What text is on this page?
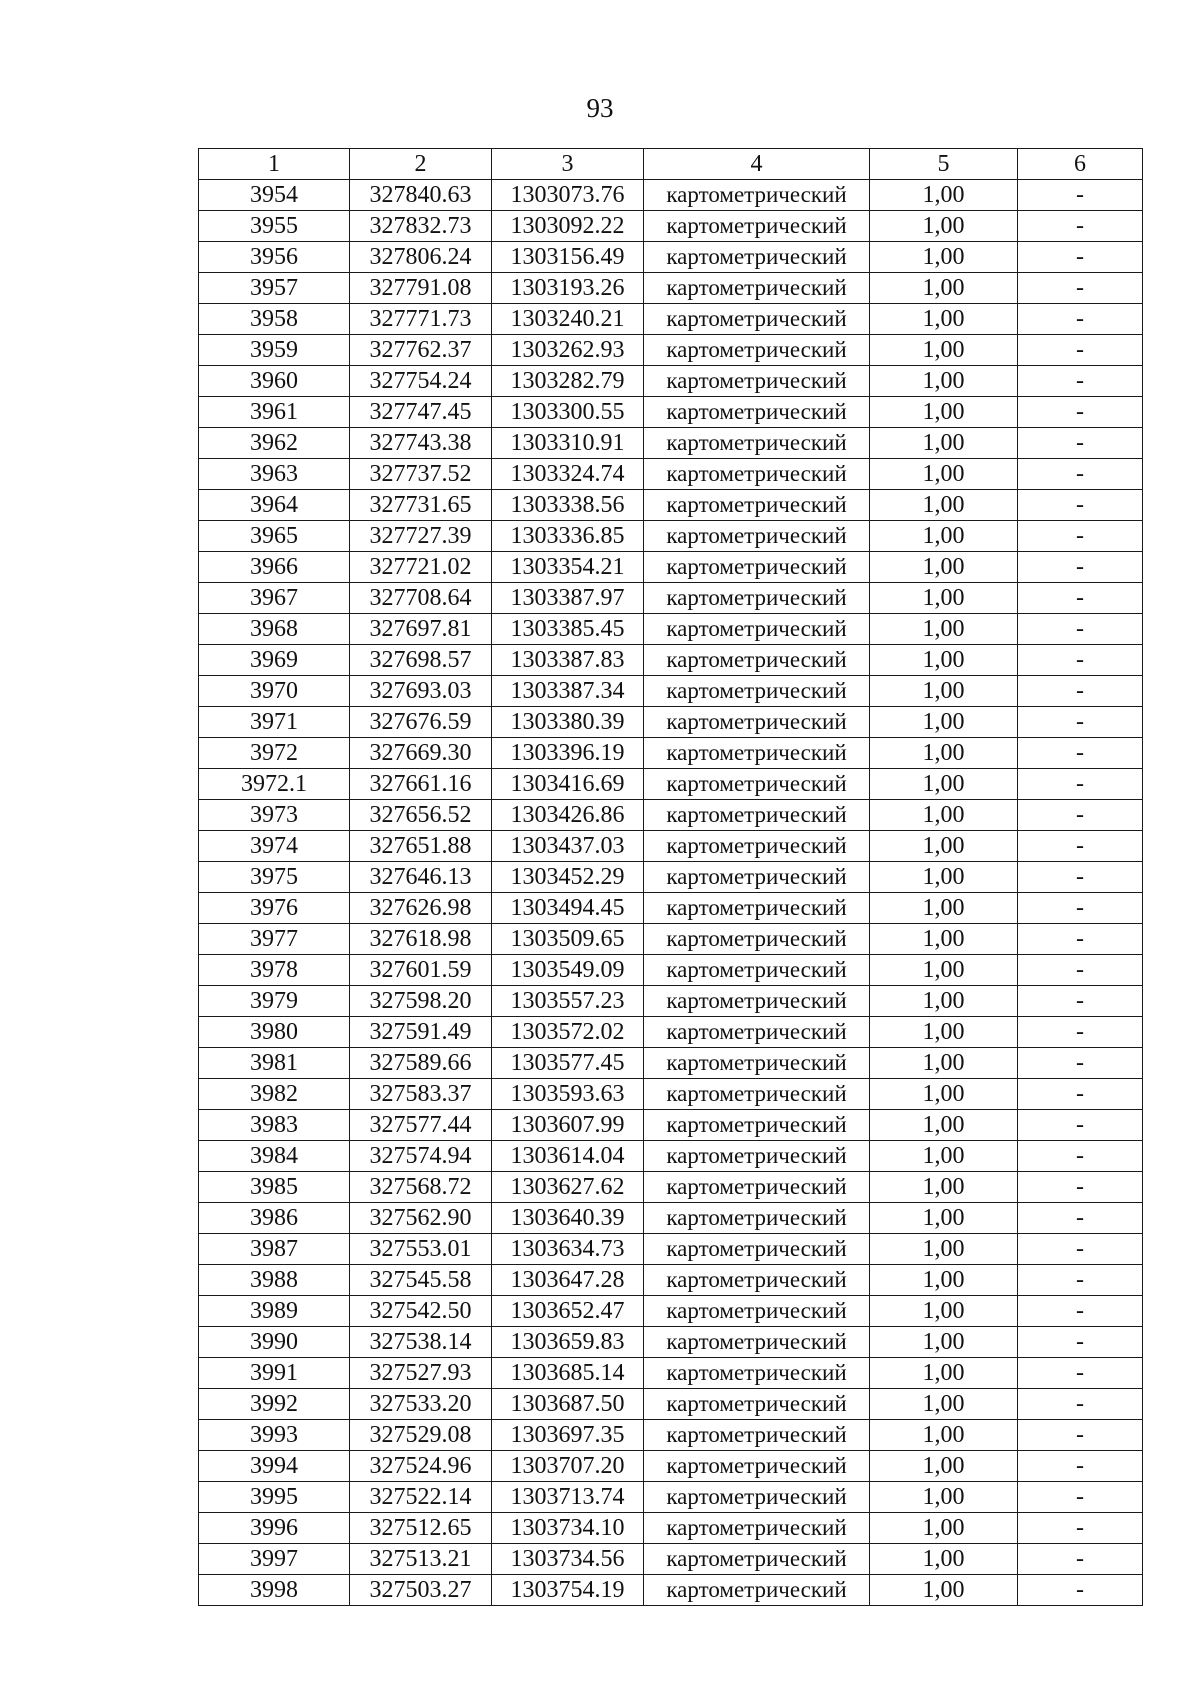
93
1	2	3	4	5	6
3954	327840.63	1303073.76	картометрический	1,00	-
3955	327832.73	1303092.22	картометрический	1,00	-
3956	327806.24	1303156.49	картометрический	1,00	-
3957	327791.08	1303193.26	картометрический	1,00	-
3958	327771.73	1303240.21	картометрический	1,00	-
3959	327762.37	1303262.93	картометрический	1,00	-
3960	327754.24	1303282.79	картометрический	1,00	-
3961	327747.45	1303300.55	картометрический	1,00	-
3962	327743.38	1303310.91	картометрический	1,00	-
3963	327737.52	1303324.74	картометрический	1,00	-
3964	327731.65	1303338.56	картометрический	1,00	-
3965	327727.39	1303336.85	картометрический	1,00	-
3966	327721.02	1303354.21	картометрический	1,00	-
3967	327708.64	1303387.97	картометрический	1,00	-
3968	327697.81	1303385.45	картометрический	1,00	-
3969	327698.57	1303387.83	картометрический	1,00	-
3970	327693.03	1303387.34	картометрический	1,00	-
3971	327676.59	1303380.39	картометрический	1,00	-
3972	327669.30	1303396.19	картометрический	1,00	-
3972.1	327661.16	1303416.69	картометрический	1,00	-
3973	327656.52	1303426.86	картометрический	1,00	-
3974	327651.88	1303437.03	картометрический	1,00	-
3975	327646.13	1303452.29	картометрический	1,00	-
3976	327626.98	1303494.45	картометрический	1,00	-
3977	327618.98	1303509.65	картометрический	1,00	-
3978	327601.59	1303549.09	картометрический	1,00	-
3979	327598.20	1303557.23	картометрический	1,00	-
3980	327591.49	1303572.02	картометрический	1,00	-
3981	327589.66	1303577.45	картометрический	1,00	-
3982	327583.37	1303593.63	картометрический	1,00	-
3983	327577.44	1303607.99	картометрический	1,00	-
3984	327574.94	1303614.04	картометрический	1,00	-
3985	327568.72	1303627.62	картометрический	1,00	-
3986	327562.90	1303640.39	картометрический	1,00	-
3987	327553.01	1303634.73	картометрический	1,00	-
3988	327545.58	1303647.28	картометрический	1,00	-
3989	327542.50	1303652.47	картометрический	1,00	-
3990	327538.14	1303659.83	картометрический	1,00	-
3991	327527.93	1303685.14	картометрический	1,00	-
3992	327533.20	1303687.50	картометрический	1,00	-
3993	327529.08	1303697.35	картометрический	1,00	-
3994	327524.96	1303707.20	картометрический	1,00	-
3995	327522.14	1303713.74	картометрический	1,00	-
3996	327512.65	1303734.10	картометрический	1,00	-
3997	327513.21	1303734.56	картометрический	1,00	-
3998	327503.27	1303754.19	картометрический	1,00	-
